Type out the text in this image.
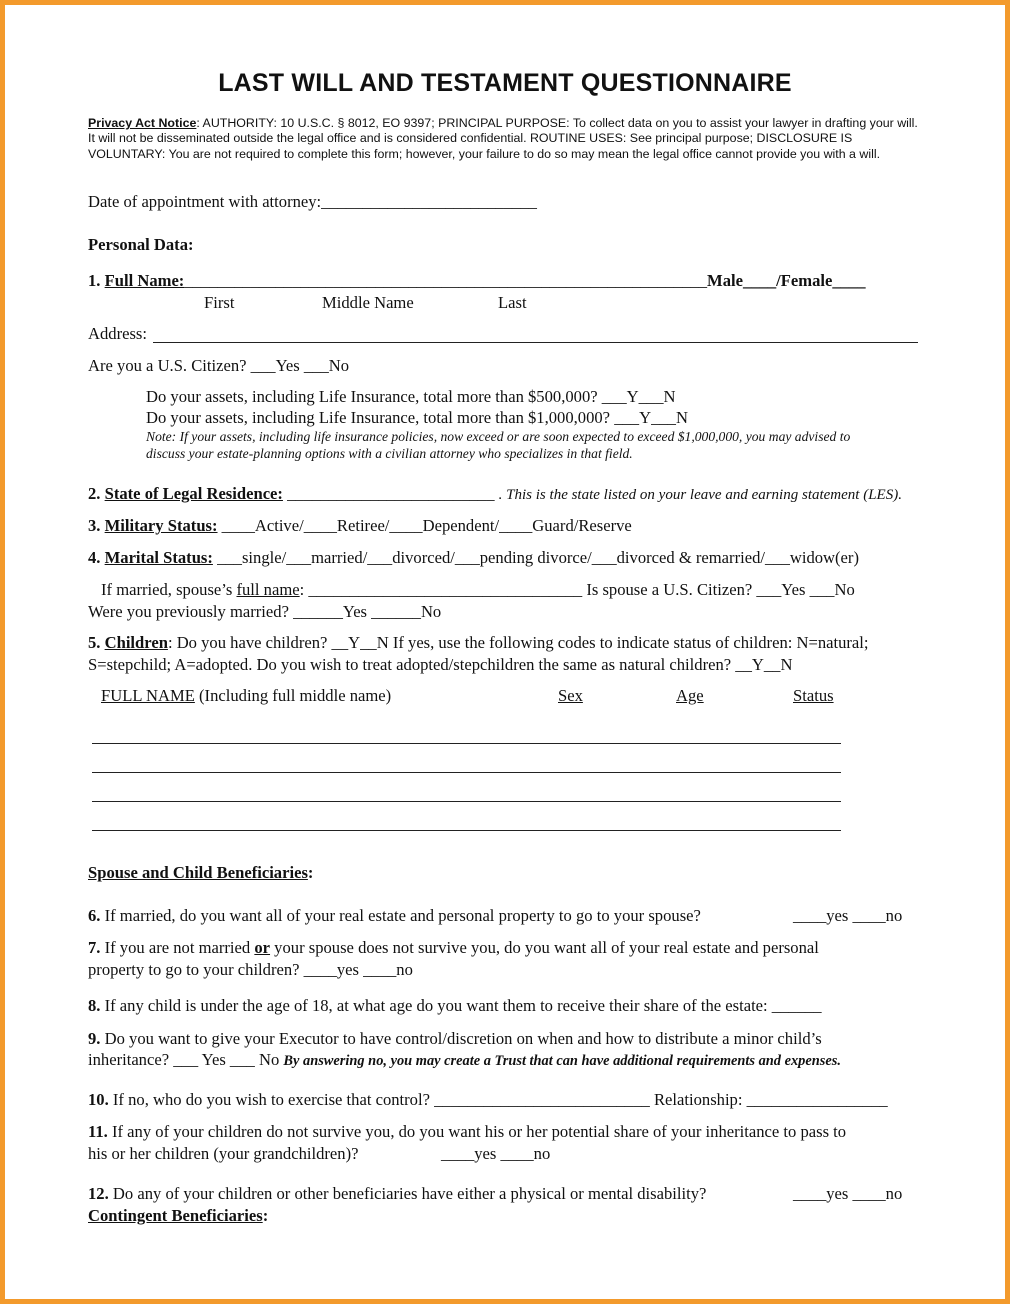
LAST WILL AND TESTAMENT QUESTIONNAIRE
Privacy Act Notice: AUTHORITY: 10 U.S.C. § 8012, EO 9397; PRINCIPAL PURPOSE: To collect data on you to assist your lawyer in drafting your will. It will not be disseminated outside the legal office and is considered confidential. ROUTINE USES: See principal purpose; DISCLOSURE IS VOLUNTARY: You are not required to complete this form; however, your failure to do so may mean the legal office cannot provide you with a will.
Date of appointment with attorney:__________________________
Personal Data:
1. Full Name:_______________________________________________________________Male____/Female____
First	Middle Name	Last
Address:
Are you a U.S. Citizen? ___Yes ___No
Do your assets, including Life Insurance, total more than $500,000? ___Y___N
Do your assets, including Life Insurance, total more than $1,000,000? ___Y___N
Note: If your assets, including life insurance policies, now exceed or are soon expected to exceed $1,000,000, you may advised to
discuss your estate-planning options with a civilian attorney who specializes in that field.
2. State of Legal Residence: _________________________ . This is the state listed on your leave and earning statement (LES).
3. Military Status: ____Active/____Retiree/____Dependent/____Guard/Reserve
4. Marital Status: ___single/___married/___divorced/___pending divorce/___divorced & remarried/___widow(er)
If married, spouse’s full name: _________________________________ Is spouse a U.S. Citizen? ___Yes ___No
Were you previously married? ______Yes ______No
5. Children: Do you have children? __Y__N If yes, use the following codes to indicate status of children: N=natural;
S=stepchild; A=adopted. Do you wish to treat adopted/stepchildren the same as natural children? __Y__N
FULL NAME (Including full middle name)	Sex	Age	Status
Spouse and Child Beneficiaries:
6. If married, do you want all of your real estate and personal property to go to your spouse?	____yes ____no
7. If you are not married or your spouse does not survive you, do you want all of your real estate and personal
property to go to your children? ____yes ____no
8. If any child is under the age of 18, at what age do you want them to receive their share of the estate: ______
9. Do you want to give your Executor to have control/discretion on when and how to distribute a minor child’s
inheritance? ___ Yes ___ No By answering no, you may create a Trust that can have additional requirements and expenses.
10. If no, who do you wish to exercise that control? __________________________ Relationship: _________________
11. If any of your children do not survive you, do you want his or her potential share of your inheritance to pass to
his or her children (your grandchildren)?	____yes ____no
12. Do any of your children or other beneficiaries have either a physical or mental disability?	____yes ____no
Contingent Beneficiaries:
